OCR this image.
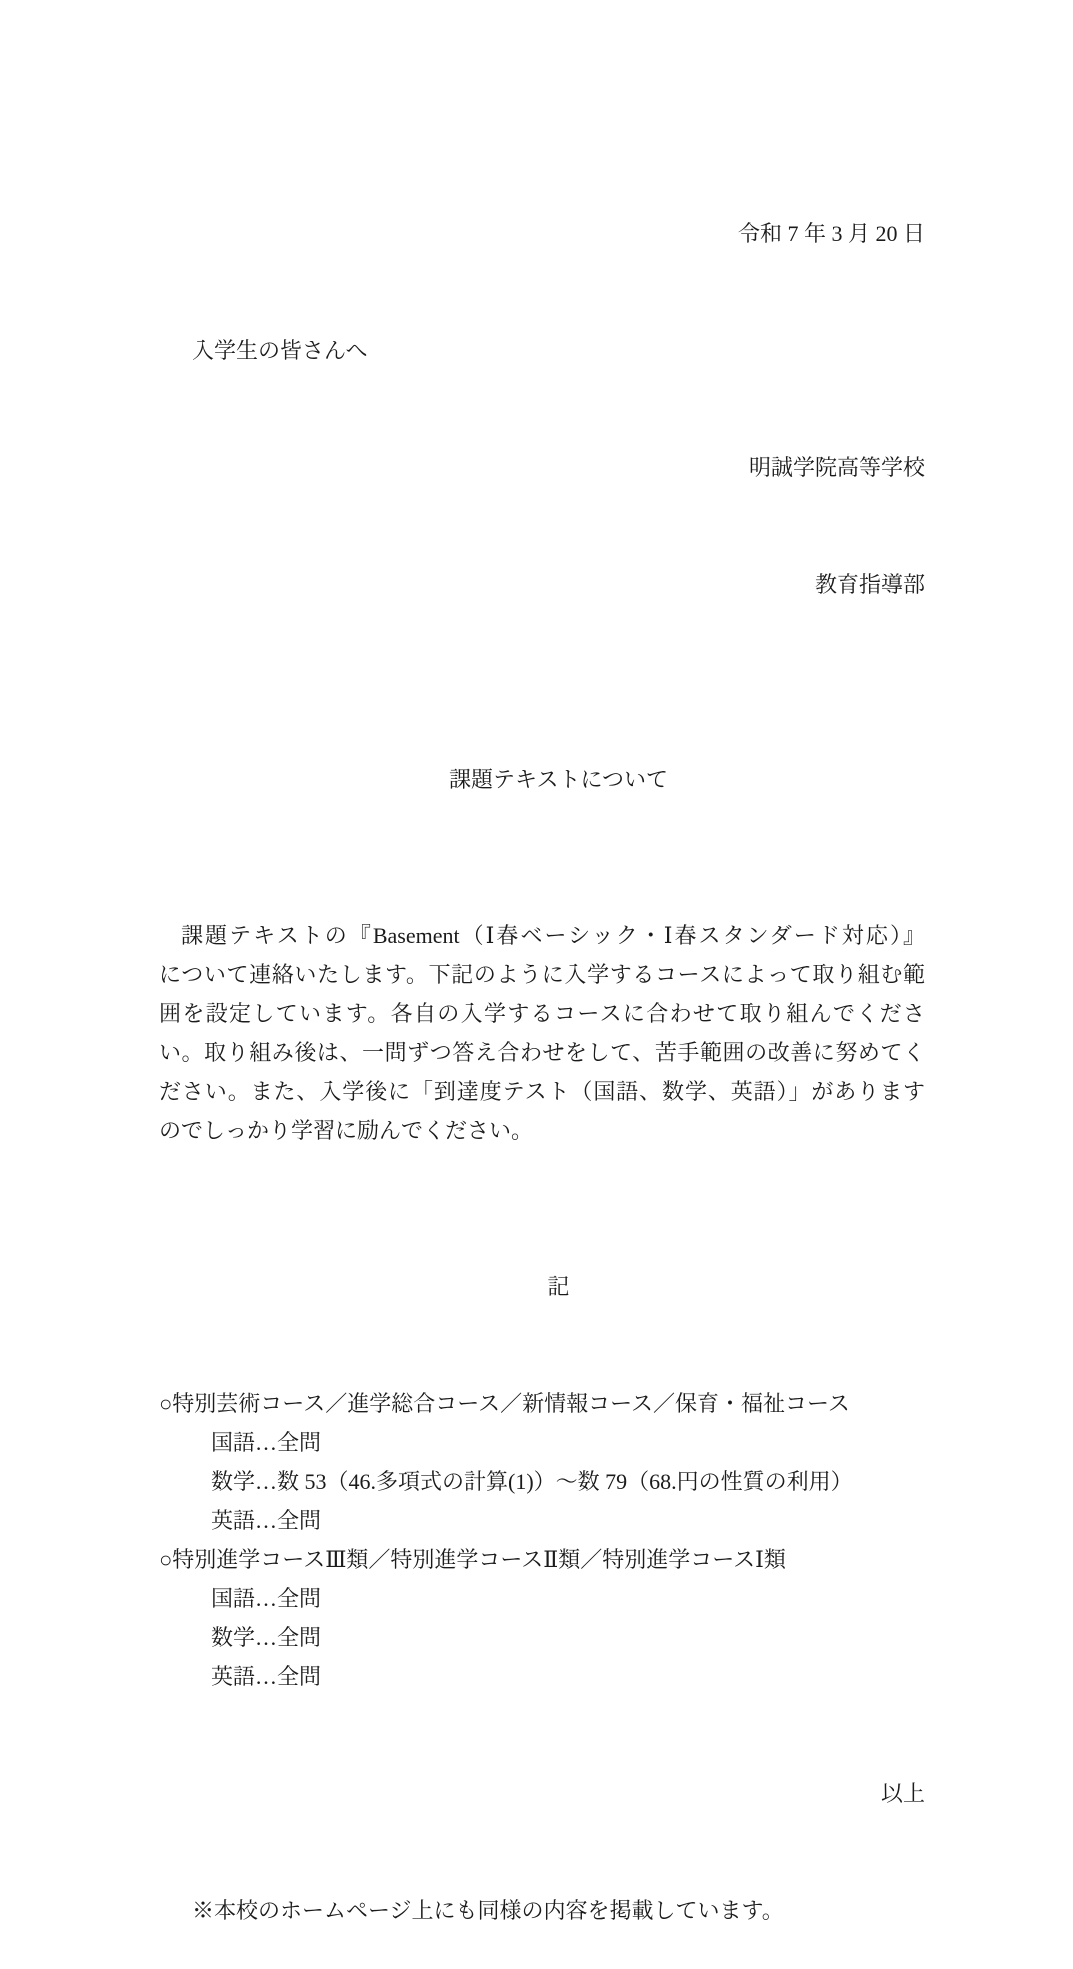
令和 7 年 3 月 20 日

入学生の皆さんへ

明誠学院高等学校

教育指導部

課題テキストについて

課題テキストの『Basement（Ⅰ春ベーシック・Ⅰ春スタンダード対応）』
について連絡いたします。下記のように入学するコースによって取り組む範
囲を設定しています。各自の入学するコースに合わせて取り組んでくださ
い。取り組み後は、一問ずつ答え合わせをして、苦手範囲の改善に努めてく
ださい。また、入学後に「到達度テスト（国語、数学、英語）」があります
のでしっかり学習に励んでください。

記

○特別芸術コース／進学総合コース／新情報コース／保育・福祉コース
国語…全問
数学…数 53（46.多項式の計算(1)）～数 79（68.円の性質の利用）
英語…全問
○特別進学コースⅢ類／特別進学コースⅡ類／特別進学コースⅠ類
国語…全問
数学…全問
英語…全問

以上

※本校のホームページ上にも同様の内容を掲載しています。
